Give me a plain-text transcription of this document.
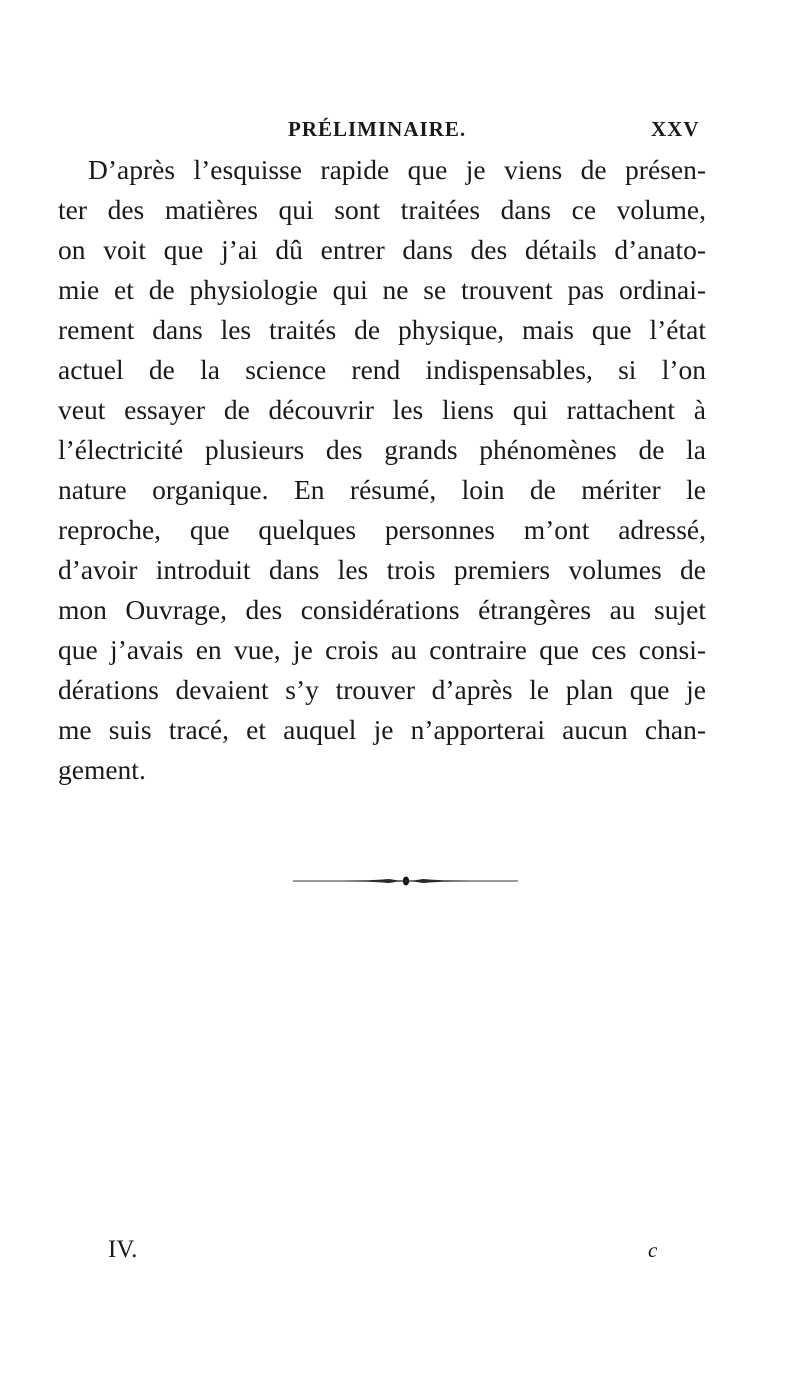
PRÉLIMINAIRE.	XXV
D’après l’esquisse rapide que je viens de présen-
ter des matières qui sont traitées dans ce volume,
on voit que j’ai dû entrer dans des détails d’anato-
mie et de physiologie qui ne se trouvent pas ordinai-
rement dans les traités de physique, mais que l’état
actuel de la science rend indispensables, si l’on
veut essayer de découvrir les liens qui rattachent à
l’électricité plusieurs des grands phénomènes de la
nature organique. En résumé, loin de mériter le
reproche, que quelques personnes m’ont adressé,
d’avoir introduit dans les trois premiers volumes de
mon Ouvrage, des considérations étrangères au sujet
que j’avais en vue, je crois au contraire que ces consi-
dérations devaient s’y trouver d’après le plan que je
me suis tracé, et auquel je n’apporterai aucun chan-
gement.
IV.	c
